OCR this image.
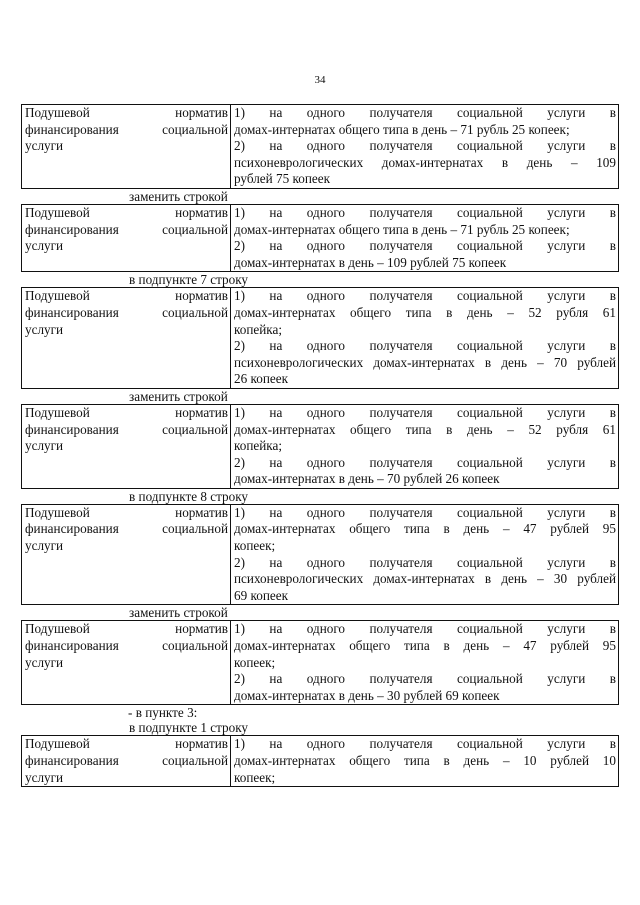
34
Подушевой норматив
финансирования социальной
услуги

1) на одного получателя социальной услуги в
домах-интернатах общего типа в день – 71 рубль 25 копеек;
2) на одного получателя социальной услуги в
психоневрологических домах-интернатах в день – 109
рублей 75 копеек
заменить строкой
Подушевой норматив
финансирования социальной
услуги

1) на одного получателя социальной услуги в
домах-интернатах общего типа в день – 71 рубль 25 копеек;
2) на одного получателя социальной услуги в
домах-интернатах в день – 109 рублей 75 копеек
в подпункте 7 строку
Подушевой норматив
финансирования социальной
услуги

1) на одного получателя социальной услуги в
домах-интернатах общего типа в день – 52 рубля 61
копейка;
2) на одного получателя социальной услуги в
психоневрологических домах-интернатах в день – 70 рублей
26 копеек
заменить строкой
Подушевой норматив
финансирования социальной
услуги

1) на одного получателя социальной услуги в
домах-интернатах общего типа в день – 52 рубля 61
копейка;
2) на одного получателя социальной услуги в
домах-интернатах в день – 70 рублей 26 копеек
в подпункте 8 строку
Подушевой норматив
финансирования социальной
услуги

1) на одного получателя социальной услуги в
домах-интернатах общего типа в день – 47 рублей 95
копеек;
2) на одного получателя социальной услуги в
психоневрологических домах-интернатах в день – 30 рублей
69 копеек
заменить строкой
Подушевой норматив
финансирования социальной
услуги

1) на одного получателя социальной услуги в
домах-интернатах общего типа в день – 47 рублей 95
копеек;
2) на одного получателя социальной услуги в
домах-интернатах в день – 30 рублей 69 копеек
- в пункте 3:
в подпункте 1 строку
Подушевой норматив
финансирования социальной
услуги

1) на одного получателя социальной услуги в
домах-интернатах общего типа в день – 10 рублей 10
копеек;
